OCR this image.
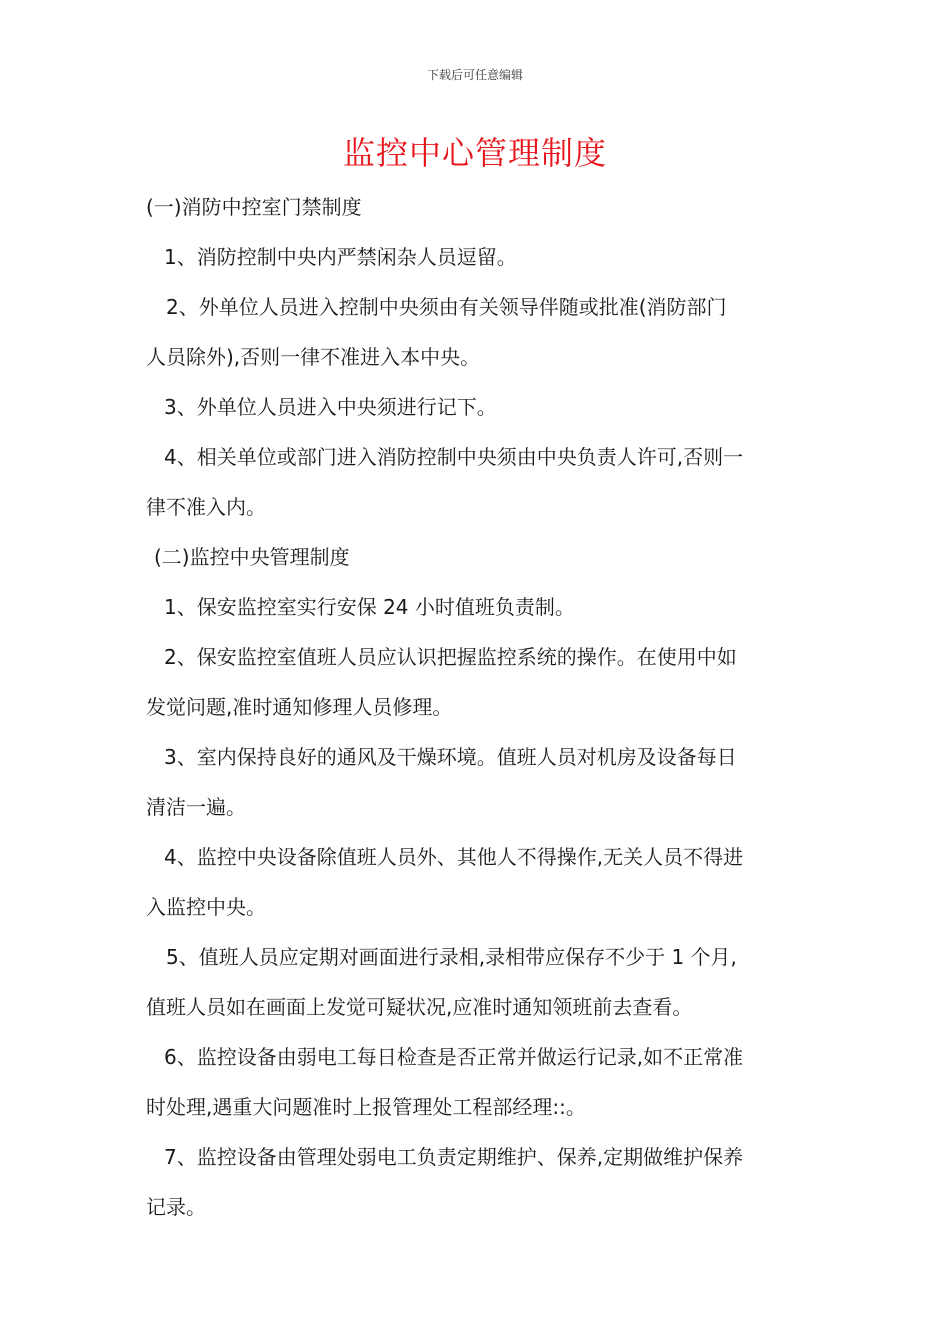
下载后可任意编辑
监控中心管理制度
(一)消防中控室门禁制度
1、消防控制中央内严禁闲杂人员逗留。
2、外单位人员进入控制中央须由有关领导伴随或批准(消防部门
人员除外),否则一律不准进入本中央。
3、外单位人员进入中央须进行记下。
4、相关单位或部门进入消防控制中央须由中央负责人许可,否则一
律不准入内。
(二)监控中央管理制度
1、保安监控室实行安保 24 小时值班负责制。
2、保安监控室值班人员应认识把握监控系统的操作。在使用中如
发觉问题,准时通知修理人员修理。
3、室内保持良好的通风及干燥环境。值班人员对机房及设备每日
清洁一遍。
4、监控中央设备除值班人员外、其他人不得操作,无关人员不得进
入监控中央。
5、值班人员应定期对画面进行录相,录相带应保存不少于 1 个月,
值班人员如在画面上发觉可疑状况,应准时通知领班前去查看。
6、监控设备由弱电工每日检查是否正常并做运行记录,如不正常准
时处理,遇重大问题准时上报管理处工程部经理::。
7、监控设备由管理处弱电工负责定期维护、保养,定期做维护保养
记录。
